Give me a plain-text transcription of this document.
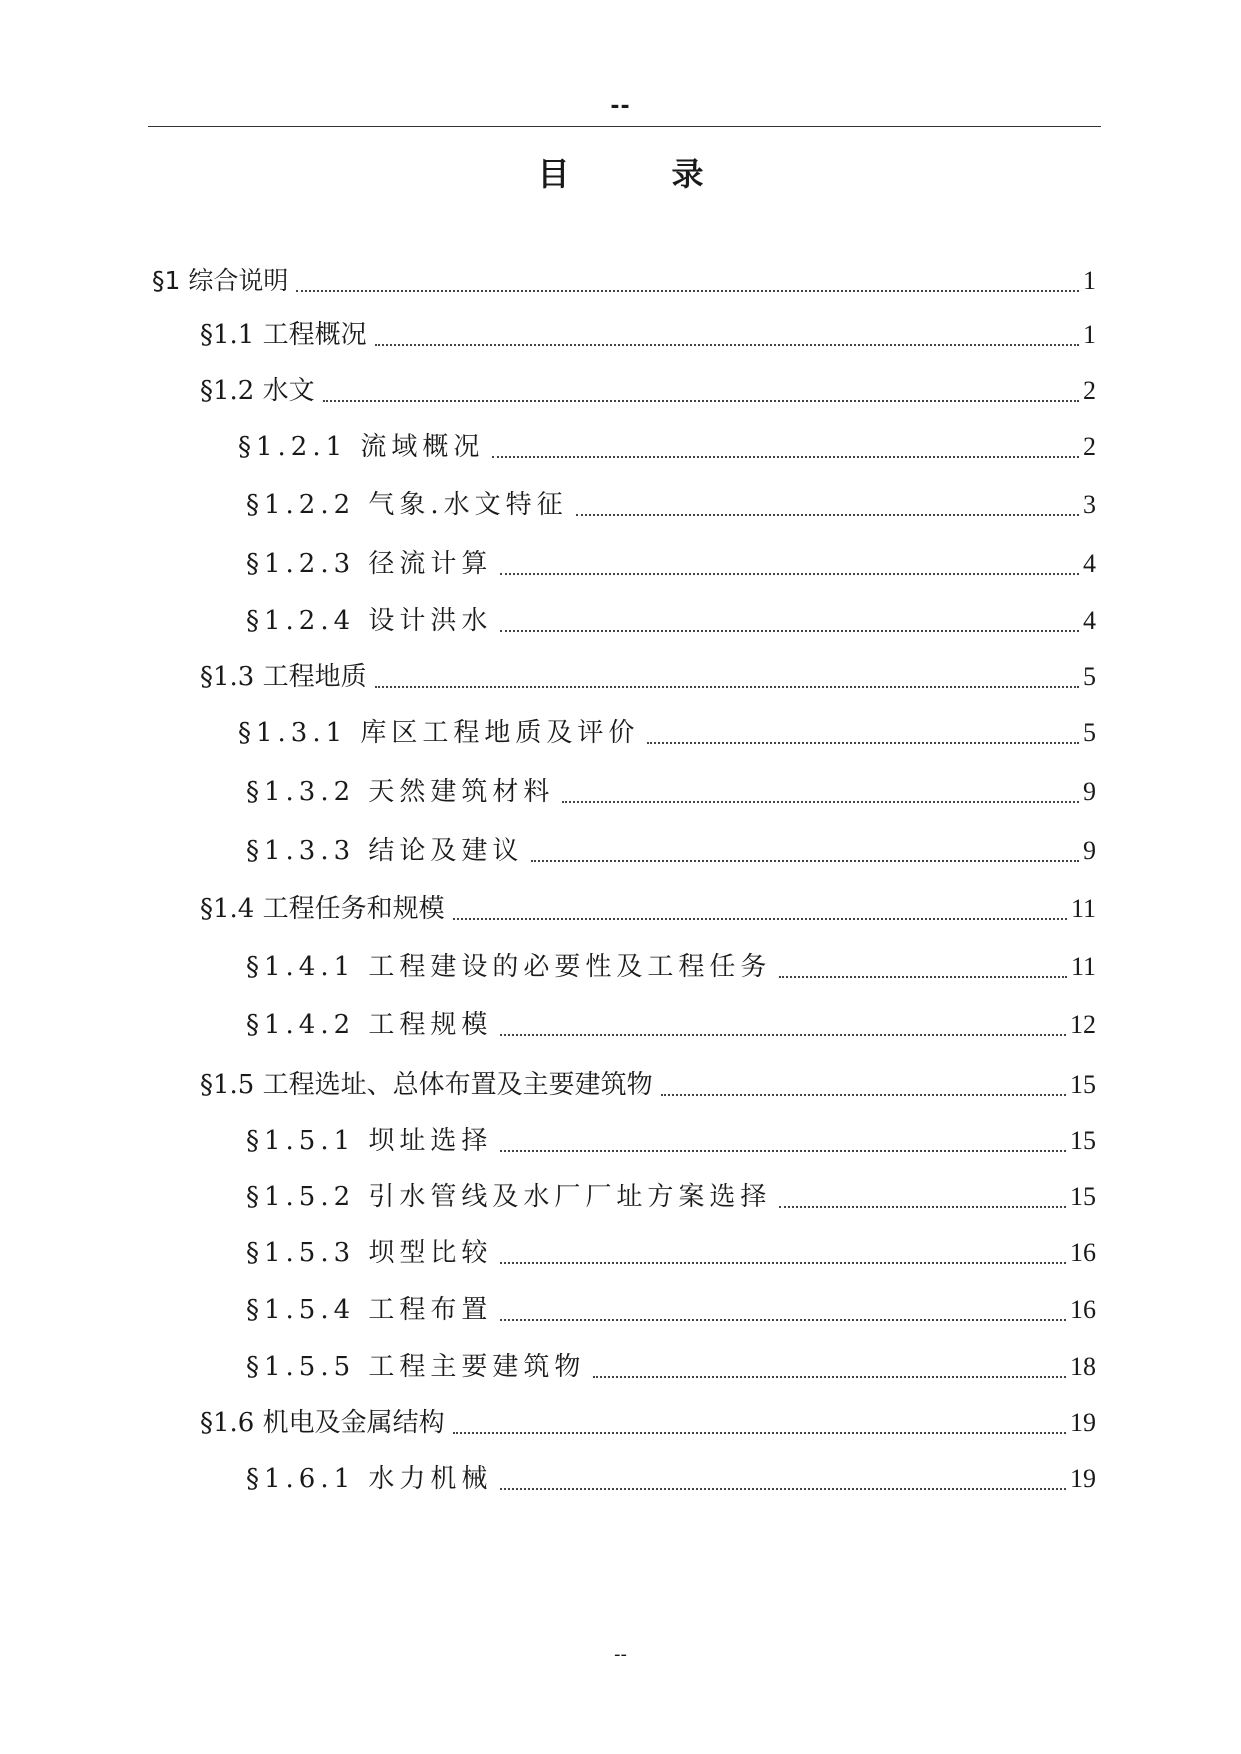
--
目	录
§1 综合说明	1
§1.1 工程概况	1
§1.2 水文	2
§1.2.1 流域概况	2
§1.2.2 气象.水文特征	3
§1.2.3 径流计算	4
§1.2.4 设计洪水	4
§1.3 工程地质	5
§1.3.1 库区工程地质及评价	5
§1.3.2 天然建筑材料	9
§1.3.3 结论及建议	9
§1.4 工程任务和规模	11
§1.4.1 工程建设的必要性及工程任务	11
§1.4.2 工程规模	12
§1.5 工程选址、总体布置及主要建筑物	15
§1.5.1 坝址选择	15
§1.5.2 引水管线及水厂厂址方案选择	15
§1.5.3 坝型比较	16
§1.5.4 工程布置	16
§1.5.5 工程主要建筑物	18
§1.6 机电及金属结构	19
§1.6.1 水力机械	19
--
